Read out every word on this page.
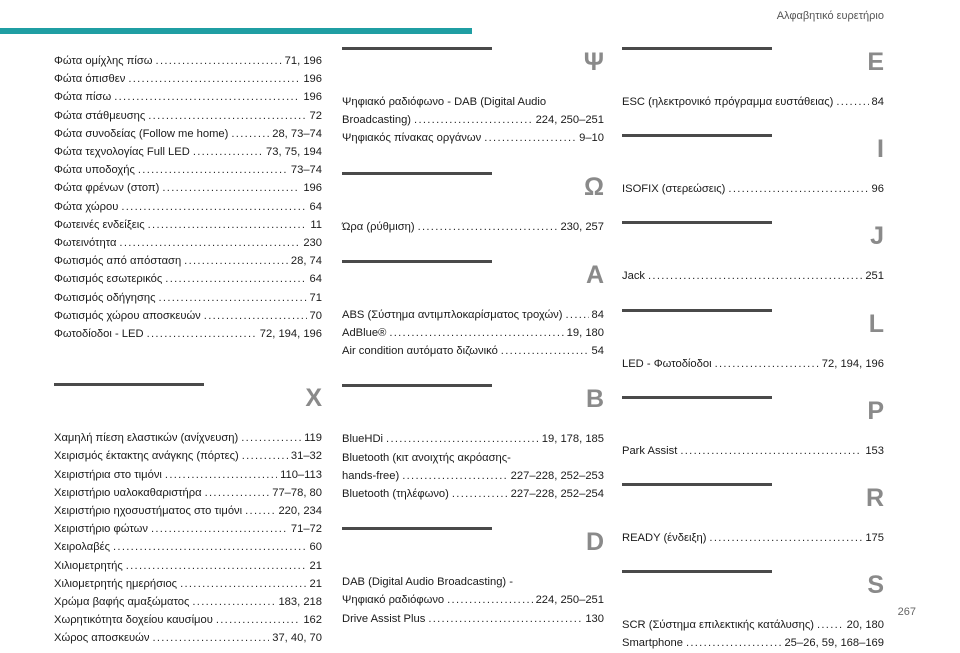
Αλφαβητικό ευρετήριο
Φώτα ομίχλης πίσω .....	71, 196
Φώτα όπισθεν .....	196
Φώτα πίσω .....	196
Φώτα στάθμευσης .....	72
Φώτα συνοδείας (Follow me home) .....	28, 73–74
Φώτα τεχνολογίας Full LED .....	73, 75, 194
Φώτα υποδοχής .....	73–74
Φώτα φρένων (στοπ) .....	196
Φώτα χώρου .....	64
Φωτεινές ενδείξεις .....	11
Φωτεινότητα .....	230
Φωτισμός από απόσταση .....	28, 74
Φωτισμός εσωτερικός .....	64
Φωτισμός οδήγησης .....	71
Φωτισμός χώρου αποσκευών .....	70
Φωτοδίοδοι - LED .....	72, 194, 196
Χ
Χαμηλή πίεση ελαστικών (ανίχνευση) .....	119
Χειρισμός έκτακτης ανάγκης (πόρτες) .....	31–32
Χειριστήρια στο τιμόνι .....	110–113
Χειριστήριο υαλοκαθαριστήρα .....	77–78, 80
Χειριστήριο ηχοσυστήματος στο τιμόνι .....	220, 234
Χειριστήριο φώτων .....	71–72
Χειρολαβές .....	60
Χιλιομετρητής .....	21
Χιλιομετρητής ημερήσιος .....	21
Χρώμα βαφής αμαξώματος .....	183, 218
Χωρητικότητα δοχείου καυσίμου .....	162
Χώρος αποσκευών .....	37, 40, 70
Ψ
Ψηφιακό ραδιόφωνο - DAB (Digital Audio
Broadcasting) .....	224, 250–251
Ψηφιακός πίνακας οργάνων .....	9–10
Ω
Ώρα (ρύθμιση) .....	230, 257
A
ABS (Σύστημα αντιμπλοκαρίσματος τροχών) .....	84
AdBlue® .....	19, 180
Air condition αυτόματο διζωνικό .....	54
B
BlueHDi .....	19, 178, 185
Bluetooth (κιτ ανοιχτής ακρόασης-
hands-free) .....	227–228, 252–253
Bluetooth (τηλέφωνο) .....	227–228, 252–254
D
DAB (Digital Audio Broadcasting) -
Ψηφιακό ραδιόφωνο .....	224, 250–251
Drive Assist Plus .....	130
E
ESC (ηλεκτρονικό πρόγραμμα ευστάθειας) .....	84
I
ISOFIX (στερεώσεις) .....	96
J
Jack .....	251
L
LED - Φωτοδίοδοι .....	72, 194, 196
P
Park Assist .....	153
R
READY (ένδειξη) .....	175
S
SCR (Σύστημα επιλεκτικής κατάλυσης) .....	20, 180
Smartphone .....	25–26, 59, 168–169
267
